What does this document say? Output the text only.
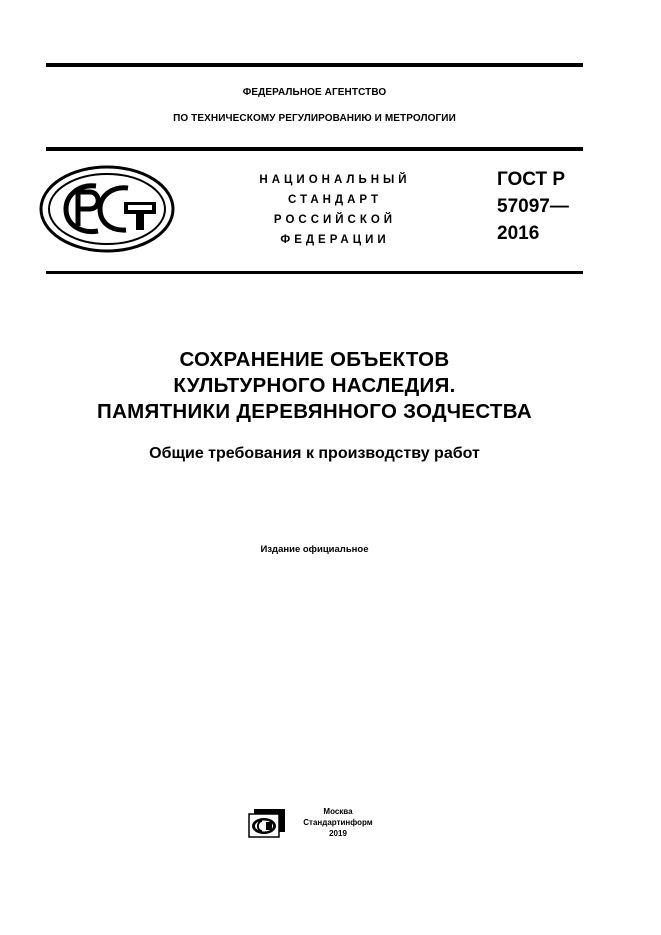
ФЕДЕРАЛЬНОЕ АГЕНТСТВО
ПО ТЕХНИЧЕСКОМУ РЕГУЛИРОВАНИЮ И МЕТРОЛОГИИ
НАЦИОНАЛЬНЫЙ
СТАНДАРТ
РОССИЙСКОЙ
ФЕДЕРАЦИИ
ГОСТ Р
57097—
2016
СОХРАНЕНИЕ ОБЪЕКТОВ
КУЛЬТУРНОГО НАСЛЕДИЯ.
ПАМЯТНИКИ ДЕРЕВЯННОГО ЗОДЧЕСТВА
Общие требования к производству работ
Издание официальное
Москва
Стандартинформ
2019
